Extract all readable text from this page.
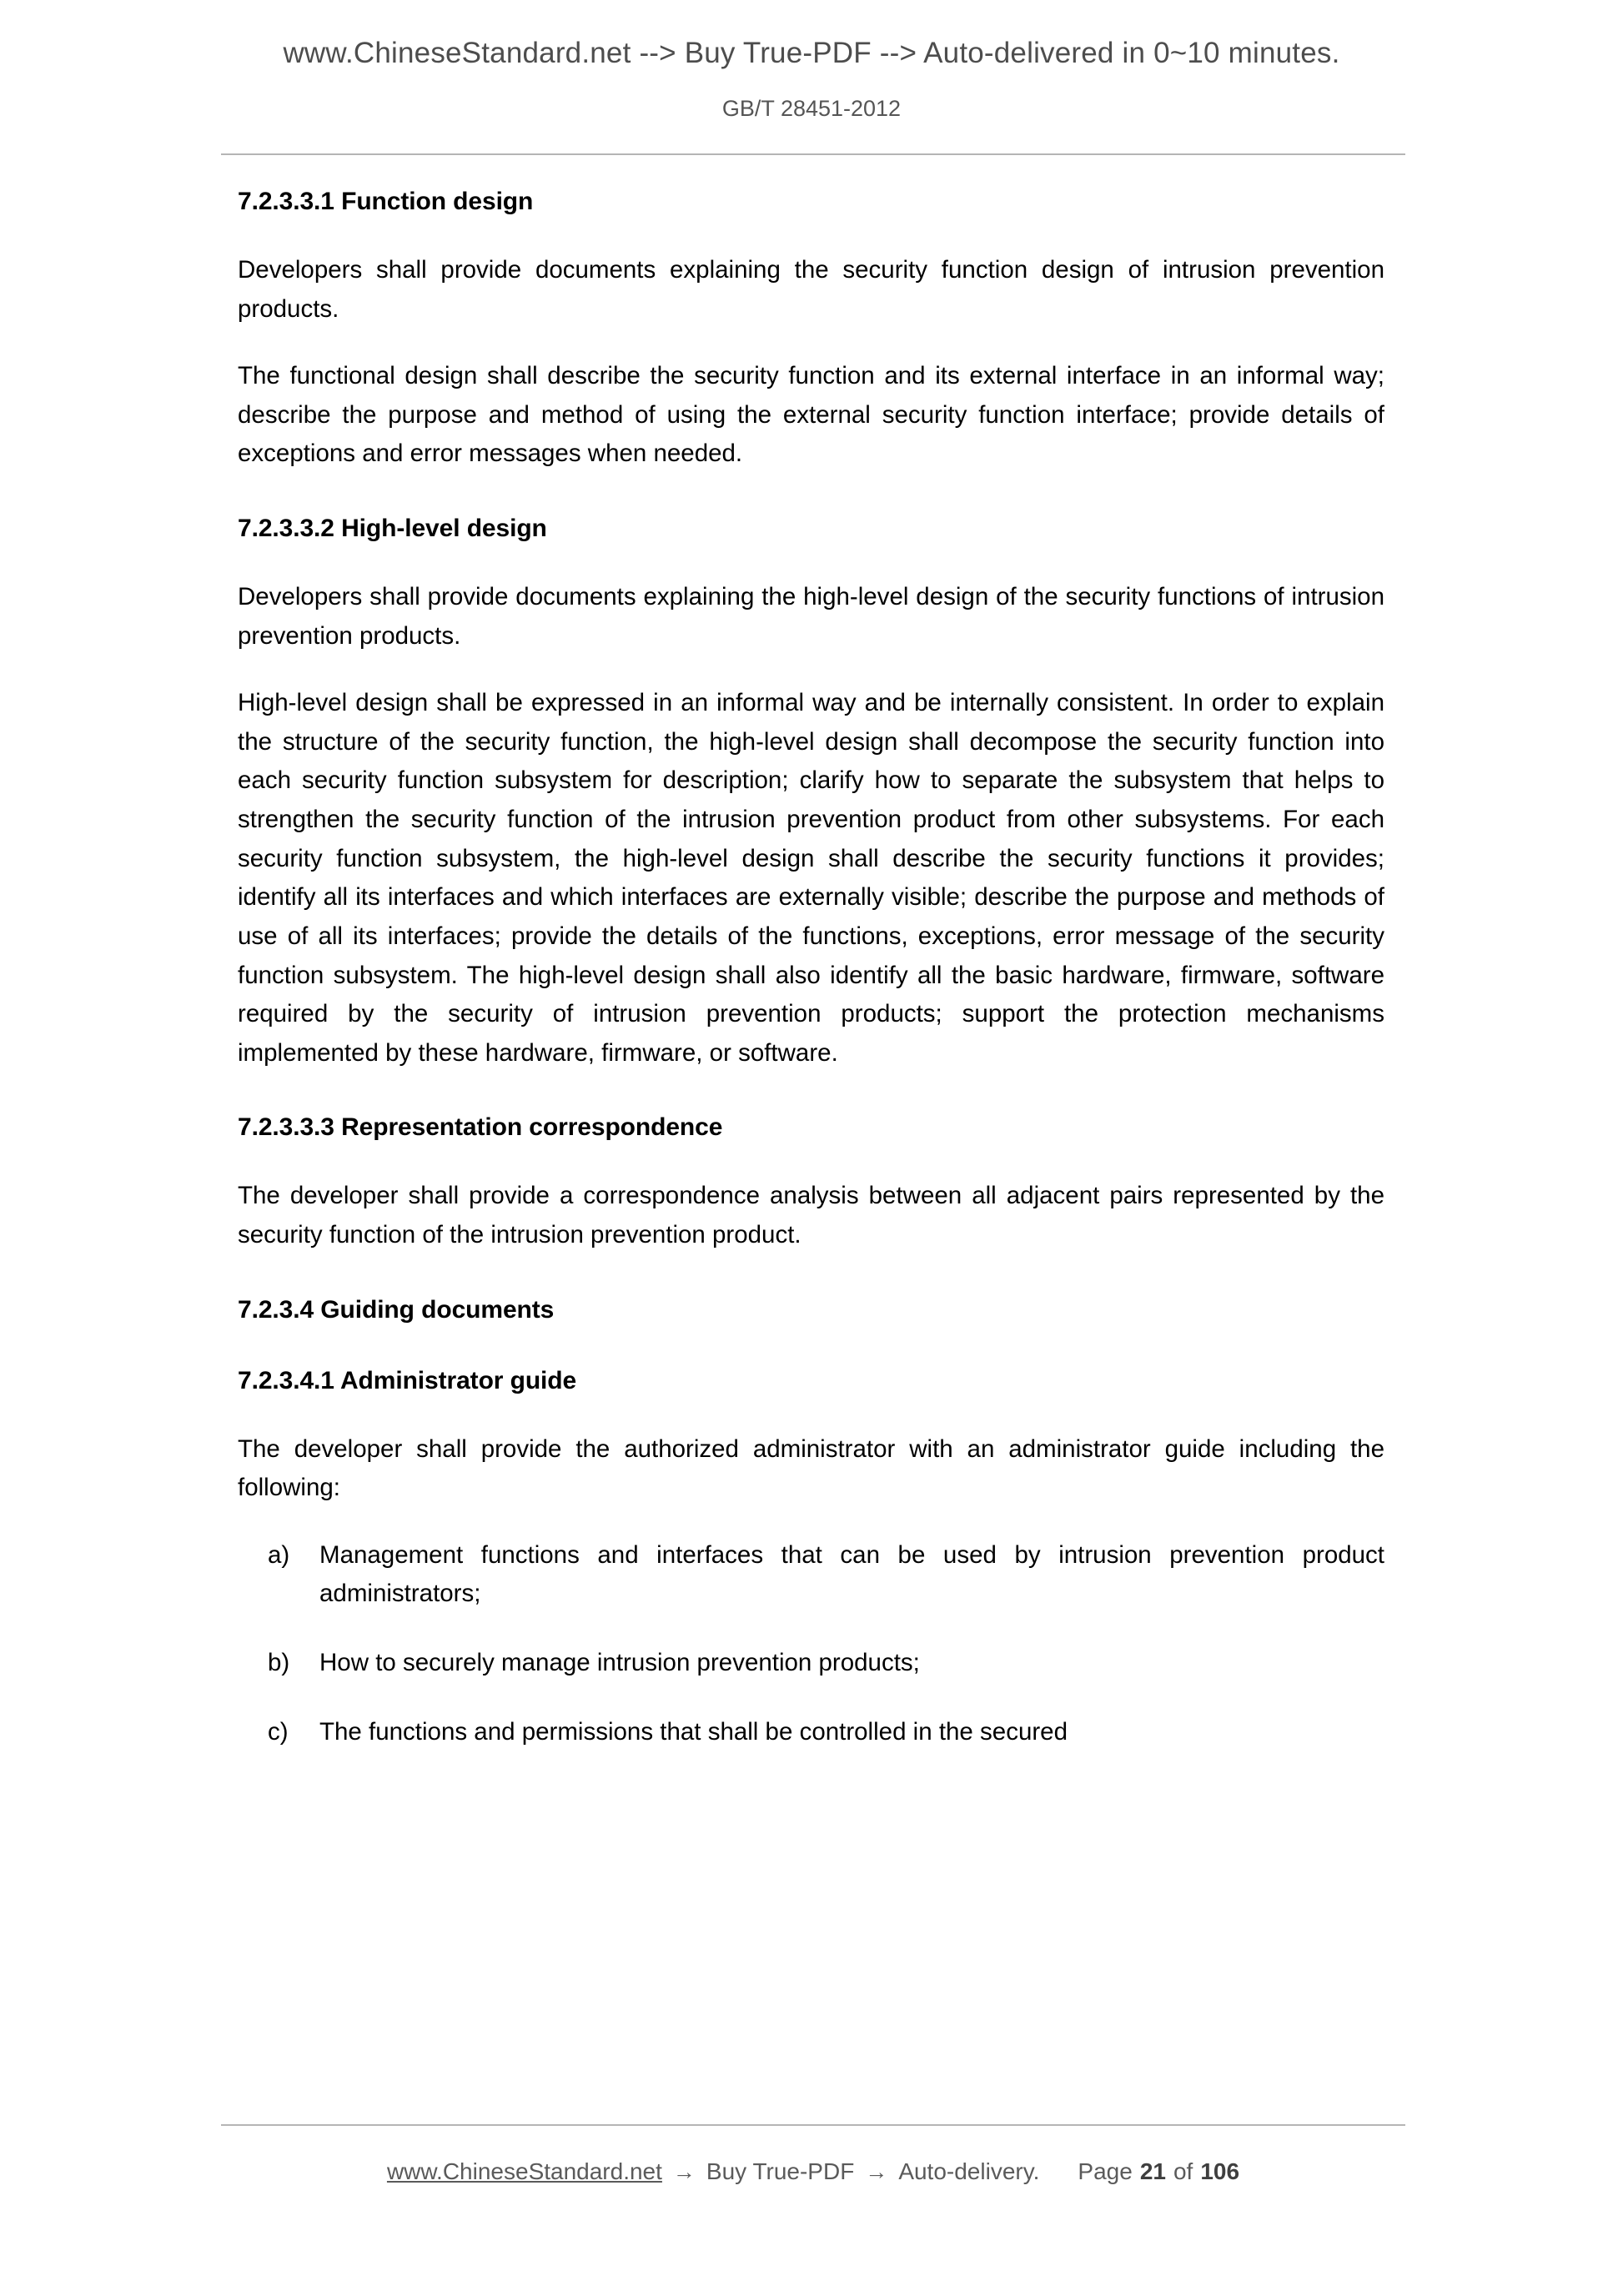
www.ChineseStandard.net --> Buy True-PDF --> Auto-delivered in 0~10 minutes.
GB/T 28451-2012
7.2.3.3.1 Function design

Developers shall provide documents explaining the security function design of intrusion prevention products.

The functional design shall describe the security function and its external interface in an informal way; describe the purpose and method of using the external security function interface; provide details of exceptions and error messages when needed.

7.2.3.3.2 High-level design

Developers shall provide documents explaining the high-level design of the security functions of intrusion prevention products.

High-level design shall be expressed in an informal way and be internally consistent. In order to explain the structure of the security function, the high-level design shall decompose the security function into each security function subsystem for description; clarify how to separate the subsystem that helps to strengthen the security function of the intrusion prevention product from other subsystems. For each security function subsystem, the high-level design shall describe the security functions it provides; identify all its interfaces and which interfaces are externally visible; describe the purpose and methods of use of all its interfaces; provide the details of the functions, exceptions, error message of the security function subsystem. The high-level design shall also identify all the basic hardware, firmware, software required by the security of intrusion prevention products; support the protection mechanisms implemented by these hardware, firmware, or software.

7.2.3.3.3 Representation correspondence

The developer shall provide a correspondence analysis between all adjacent pairs represented by the security function of the intrusion prevention product.

7.2.3.4 Guiding documents
7.2.3.4.1 Administrator guide

The developer shall provide the authorized administrator with an administrator guide including the following:

a)	Management functions and interfaces that can be used by intrusion prevention product administrators;
b)	How to securely manage intrusion prevention products;
c)	The functions and permissions that shall be controlled in the secured
www.ChineseStandard.net → Buy True-PDF → Auto-delivery. Page 21 of 106
